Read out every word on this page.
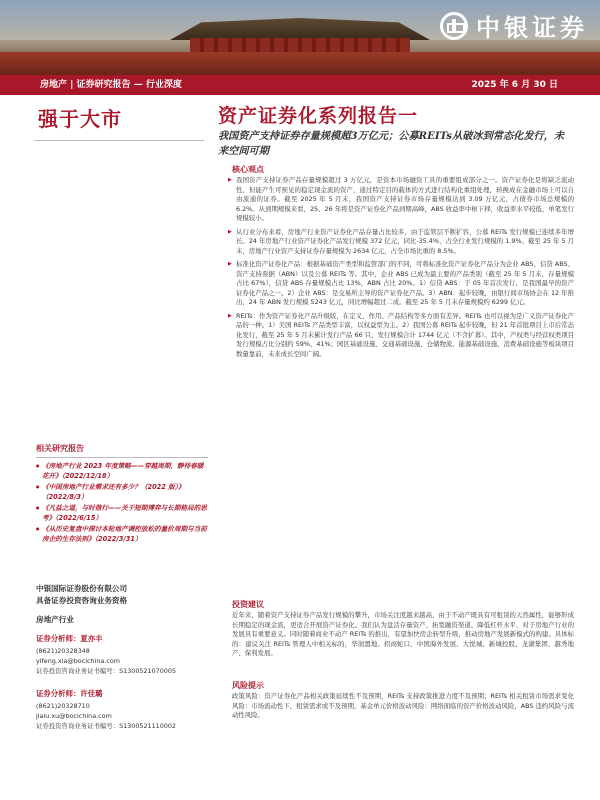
中银证券
房地产 | 证券研究报告 — 行业深度	2025 年 6 月 30 日
强于大市	资产证券化系列报告一
我国资产支持证券存量规模超3万亿元；公募REITs从破冰到常态化发行，未来空间可期
核心观点
▶ 我国资产支持证券产品存量规模超过 3 万亿元，是资本市场融资工具的重要组成部分之一。资产证券化是将缺乏流动性、但能产生可预见的稳定现金流的资产，通过特定目的载体的方式进行结构化重组处理，转换成在金融市场上可以自由流通的证券。截至 2025 年 5 月末，我国资产支持证券市场存量规模达到 3.09 万亿元，占债券市场总规模的 6.2%。从到期规模来看，25、26 年将是资产证券化产品到期高峰，ABS 收益率中枢下移，收益率水平较低，单笔发行规模较小。
▶ 从行业分布来看，房地产行业资产证券化产品存量占比较多，由于监管层不断扩容，公募 REITs 发行规模已连续多年增长。24 年房地产行业资产证券化产品发行规模 372 亿元，同比-35.4%，占全行业发行规模的 1.9%。截至 25 年 5 月末，房地产行业资产支持证券存量规模为 2634 亿元，占全市场比重的 8.5%。
▶ 标准化资产证券化产品：根据基础资产类型和监管部门的不同，可将标准化资产证券化产品分为企业 ABS、信贷 ABS、资产支持票据（ABN）以及公募 REITs 等。其中，企业 ABS 已成为最主要的产品类别（截至 25 年 5 月末，存量规模占比 67%），信贷 ABS 存量规模占比 13%，ABN 占比 20%。1）信贷 ABS：于 05 年首次发行，是我国最早的资产证券化产品之一。2）企业 ABS：是交易所主导的资产证券化产品。3）ABN：起步较晚，由银行间市场协会在 12 年推出，24 年 ABN 发行规模 5243 亿元，同比增幅超过二成。截至 25 年 5 月末存量规模约 6299 亿元。
▶ REITs：作为资产证券化产品升级版，在定义、作用、产品结构等多方面有差异。REITs 也可以视为是广义资产证券化产品的一种。1）美国 REITs 产品类型丰富，以权益型为主。2）我国公募 REITs 起步较晚，但 21 年首批项目上市后常态化发行，截至 25 年 5 月末累计发行产品 66 只，发行规模合计 1744 亿元（不含扩募）。其中，产权类与经营权类项目发行规模占比分别约 59%、41%；园区基础设施、交通基础设施、仓储物流、能源基础设施、消费基础设施等板块项目数量靠前，未来成长空间广阔。
投资建议
近年来，随着资产支持证券产品发行规模的攀升，市场关注度越来越高，由于不动产既具有可租赁的天然属性，能够形成长期稳定的现金流，更适合开展资产证券化。我们认为盘活存量资产、拓宽融资渠道、降低杠杆水平，对于房地产行业的发展具有重要意义。同时随着商业不动产 REITs 的推出，有望加快房企转型升级，推动房地产发展新模式的构建。具体标的：建议关注 REITs 管理人中相关标的，华润置地、招商蛇口、中国海外发展、大悦城、新城控股、龙湖集团、越秀地产、保利发展。
风险提示
政策风险：资产证券化产品相关政策延续性不及预期，REITs 支持政策推进力度不及预期；REITs 相关租赁市场需求变化风险：市场流动性下，租赁需求或不及预期，基金单元价格波动风险：网络面临的资产价格波动风险，ABS 违约风险与流动性风险。
相关研究报告
● 《房地产行业 2023 年度策略——穿越周期，静待春暖花开》（2022/12/18）
● 《中国房地产行业需求还有多少？（2022 版）》（2022/8/3）
● 《凡益之道，与时偕行——关于短期博弈与长期格局的思考》（2022/6/15）
● 《从历史复盘中探讨本轮地产调控放松的量价周期与当前房企的生存法则》（2022/3/31）
中银国际证券股份有限公司
具备证券投资咨询业务资格
房地产行业
证券分析师：夏亦丰
(8621)20328348
yifeng.xia@bocichina.com
证券投资咨询业务证书编号：S1300521070005
证券分析师：许佳璐
(8621)20328710
jialu.xu@bocichina.com
证券投资咨询业务证书编号：S1300521110002
